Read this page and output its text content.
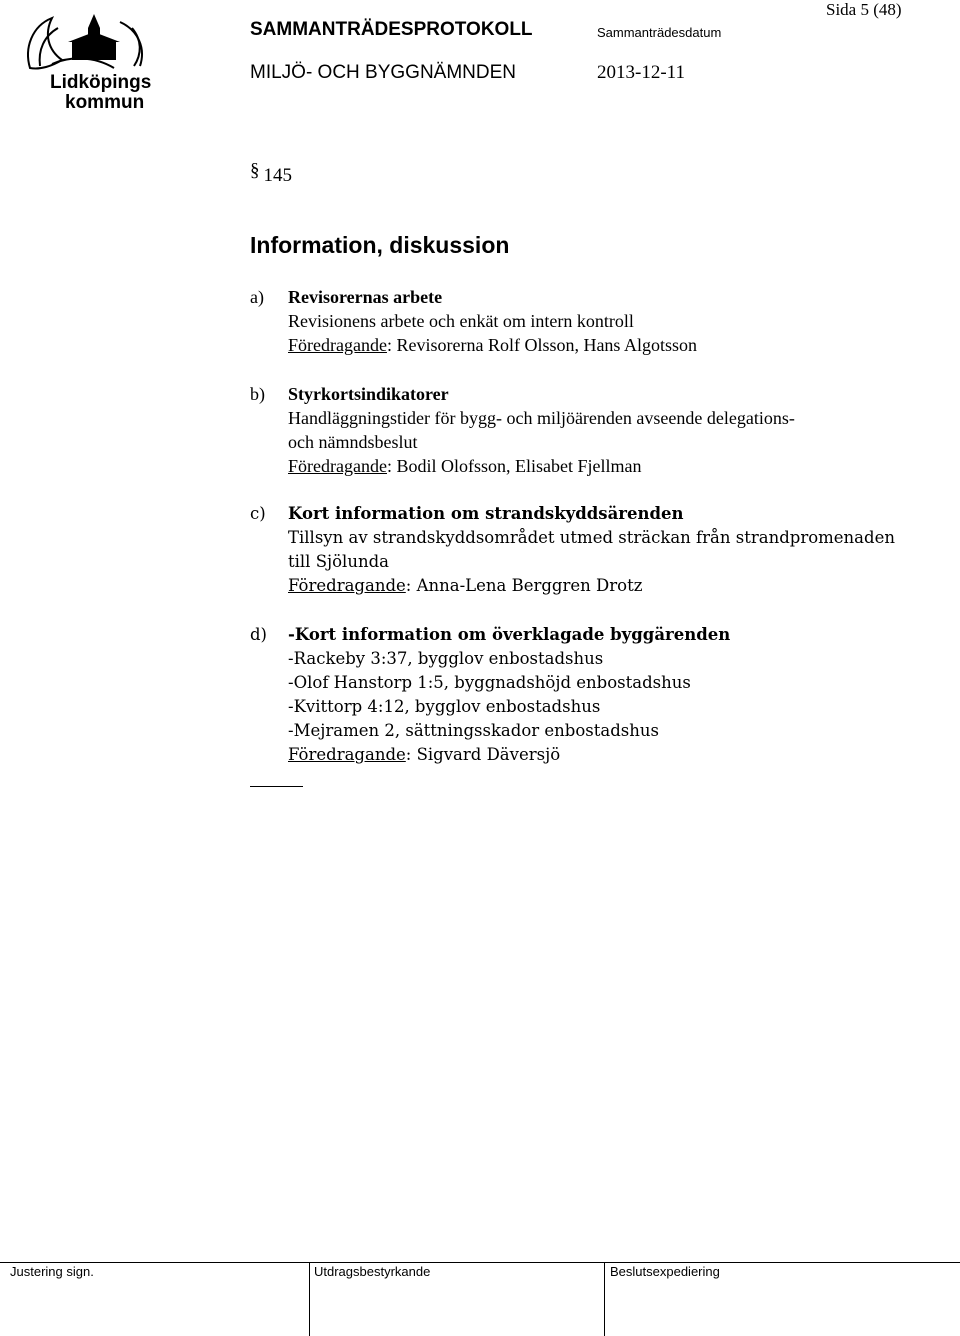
Lidköpings
kommun
Sida 5 (48)
SAMMANTRÄDESPROTOKOLL	Sammanträdesdatum
MILJÖ- OCH BYGGNÄMNDEN	2013-12-11
§ 145
Information, diskussion
a) Revisorernas arbete
Revisionens arbete och enkät om intern kontroll
Föredragande: Revisorerna Rolf Olsson, Hans Algotsson
b) Styrkortsindikatorer
Handläggningstider för bygg- och miljöärenden avseende delegations-
och nämndsbeslut
Föredragande: Bodil Olofsson, Elisabet Fjellman
c) Kort information om strandskyddsärenden
Tillsyn av strandskyddsområdet utmed sträckan från strandpromenaden
till Sjölunda
Föredragande: Anna-Lena Berggren Drotz
d) -Kort information om överklagade byggärenden
-Rackeby 3:37, bygglov enbostadshus
-Olof Hanstorp 1:5, byggnadshöjd enbostadshus
-Kvittorp 4:12, bygglov enbostadshus
-Mejramen 2, sättningsskador enbostadshus
Föredragande: Sigvard Däversjö
Justering sign.	Utdragsbestyrkande	Beslutsexpediering
